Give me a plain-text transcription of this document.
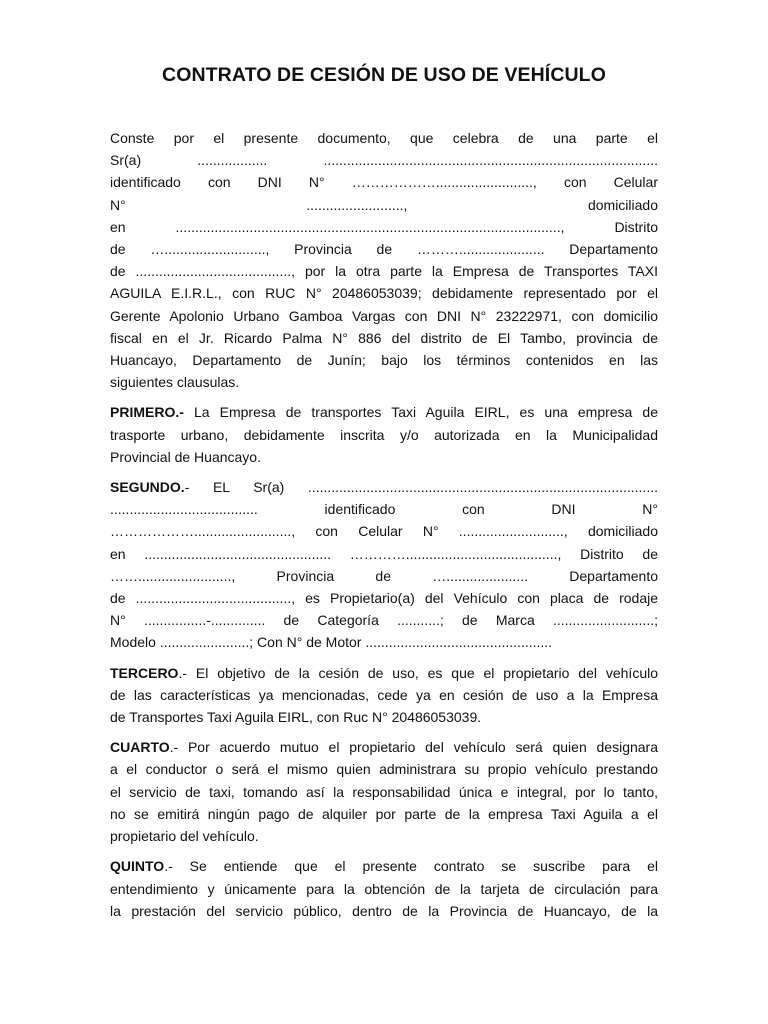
CONTRATO DE CESIÓN DE USO DE VEHÍCULO
Conste por el presente documento, que celebra de una parte el
Sr(a) .................. ......................................................................................
identificado con DNI N° ………………........................., con Celular
N° ........................., domiciliado
en ..................................................................................................., Distrito
de ….........................., Provincia de ………...................... Departamento
de ........................................, por la otra parte la Empresa de Transportes TAXI
AGUILA E.I.R.L., con RUC N° 20486053039; debidamente representado por el
Gerente Apolonio Urbano Gamboa Vargas con DNI N° 23222971, con domicilio
fiscal en el Jr. Ricardo Palma N° 886 del distrito de El Tambo, provincia de
Huancayo, Departamento de Junín; bajo los términos contenidos en las
siguientes clausulas.
PRIMERO.- La Empresa de transportes Taxi Aguila EIRL, es una empresa de
trasporte urbano, debidamente inscrita y/o autorizada en la Municipalidad
Provincial de Huancayo.
SEGUNDO.- EL Sr(a) ..........................................................................................
...................................... identificado con DNI N°
………………........................., con Celular N° ..........................., domiciliado
en ................................................ …………......................................., Distrito de
……........................, Provincia de …..................... Departamento
de ........................................, es Propietario(a) del Vehículo con placa de rodaje
N° ................-.............. de Categoría ...........; de Marca ..........................;
Modelo .......................; Con N° de Motor ................................................
TERCERO.- El objetivo de la cesión de uso, es que el propietario del vehículo
de las características ya mencionadas, cede ya en cesión de uso a la Empresa
de Transportes Taxi Aguila EIRL, con Ruc N° 20486053039.
CUARTO.- Por acuerdo mutuo el propietario del vehículo será quien designara
a el conductor o será el mismo quien administrara su propio vehículo prestando
el servicio de taxi, tomando así la responsabilidad única e integral, por lo tanto,
no se emitirá ningún pago de alquiler por parte de la empresa Taxi Aguila a el
propietario del vehículo.
QUINTO.- Se entiende que el presente contrato se suscribe para el
entendimiento y únicamente para la obtención de la tarjeta de circulación para
la prestación del servicio público, dentro de la Provincia de Huancayo, de la
